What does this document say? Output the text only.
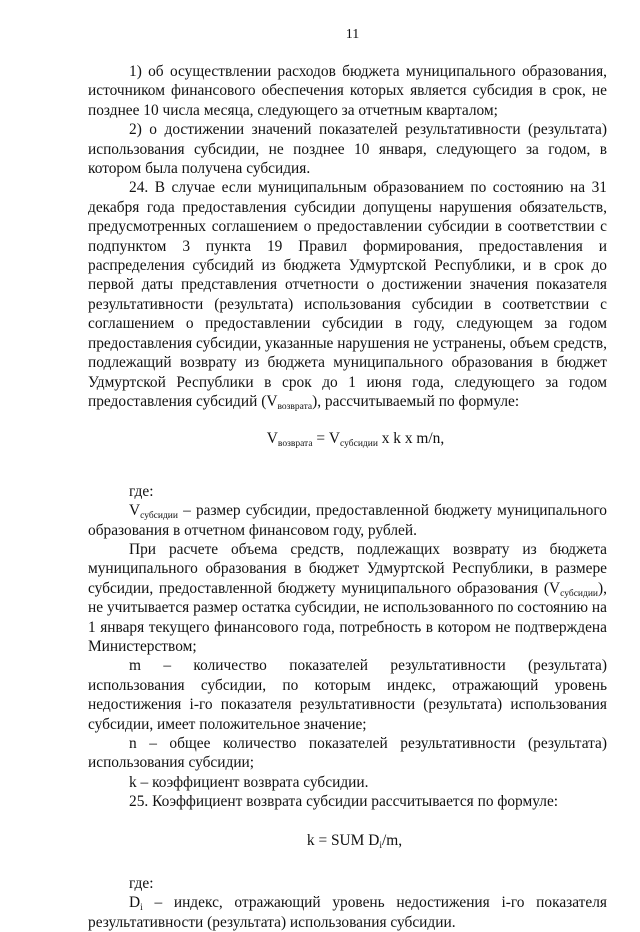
11

1) об осуществлении расходов бюджета муниципального образования, источником финансового обеспечения которых является субсидия в срок, не позднее 10 числа месяца, следующего за отчетным кварталом;

2) о достижении значений показателей результативности (результата) использования субсидии, не позднее 10 января, следующего за годом, в котором была получена субсидия.

24. В случае если муниципальным образованием по состоянию на 31 декабря года предоставления субсидии допущены нарушения обязательств, предусмотренных соглашением о предоставлении субсидии в соответствии с подпунктом 3 пункта 19 Правил формирования, предоставления и распределения субсидий из бюджета Удмуртской Республики, и в срок до первой даты представления отчетности о достижении значения показателя результативности (результата) использования субсидии в соответствии с соглашением о предоставлении субсидии в году, следующем за годом предоставления субсидии, указанные нарушения не устранены, объем средств, подлежащий возврату из бюджета муниципального образования в бюджет Удмуртской Республики в срок до 1 июня года, следующего за годом предоставления субсидий $(V_{возврата})$, рассчитываемый по формуле:

$V_{возврата} = V_{субсидии}$ x k x m/n,

где:

$V_{субсидии}$ – размер субсидии, предоставленной бюджету муниципального образования в отчетном финансовом году, рублей.

При расчете объема средств, подлежащих возврату из бюджета муниципального образования в бюджет Удмуртской Республики, в размере субсидии, предоставленной бюджету муниципального образования $(V_{субсидии})$, не учитывается размер остатка субсидии, не использованного по состоянию на 1 января текущего финансового года, потребность в котором не подтверждена Министерством;

m – количество показателей результативности (результата) использования субсидии, по которым индекс, отражающий уровень недостижения i-го показателя результативности (результата) использования субсидии, имеет положительное значение;

n – общее количество показателей результативности (результата) использования субсидии;

k – коэффициент возврата субсидии.

25. Коэффициент возврата субсидии рассчитывается по формуле:

k = SUM $D_i/m$,

где:

$D_i$ – индекс, отражающий уровень недостижения i-го показателя результативности (результата) использования субсидии.
